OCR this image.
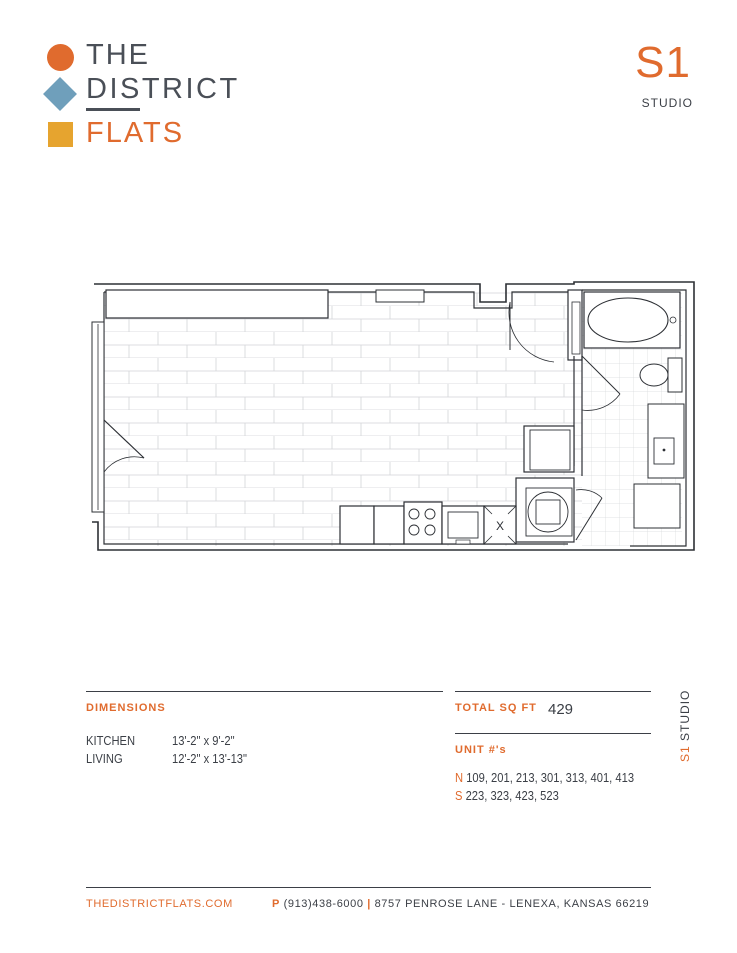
THE
DISTRICT
FLATS
S1
STUDIO
X
DIMENSIONS
KITCHEN	13'-2" x 9'-2"
LIVING	12'-2" x 13'-13"
TOTAL SQ FT 429
UNIT #'s
N 109, 201, 213, 301, 313, 401, 413
S 223, 323, 423, 523
S1 STUDIO
THEDISTRICTFLATS.COM	P (913)438-6000 | 8757 PENROSE LANE - LENEXA, KANSAS 66219
